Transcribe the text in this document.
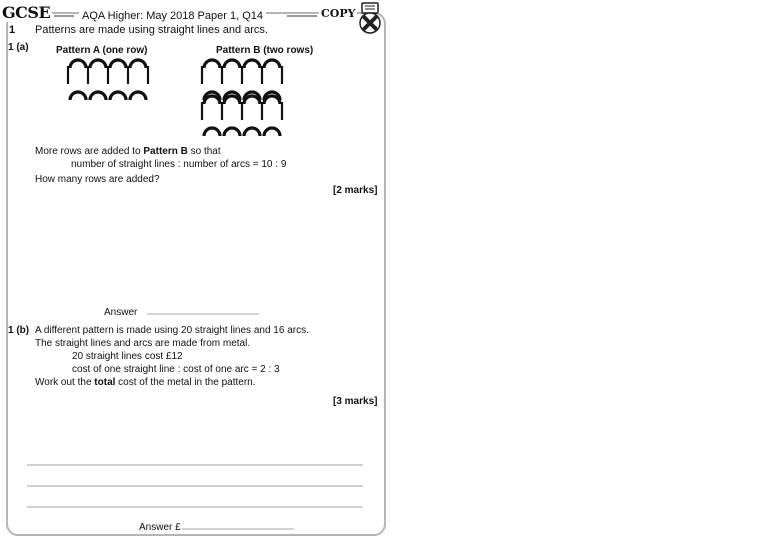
GCSE	AQA Higher: May 2018 Paper 1, Q14	COPY
1 Patterns are made using straight lines and arcs.
1 (a)	Pattern A (one row)	Pattern B (two rows)
More rows are added to Pattern B so that
number of straight lines : number of arcs = 10 : 9
How many rows are added?
[2 marks]
Answer
1 (b) A different pattern is made using 20 straight lines and 16 arcs.
The straight lines and arcs are made from metal.
20 straight lines cost £12
cost of one straight line : cost of one arc = 2 : 3
Work out the total cost of the metal in the pattern.
[3 marks]
Answer £
